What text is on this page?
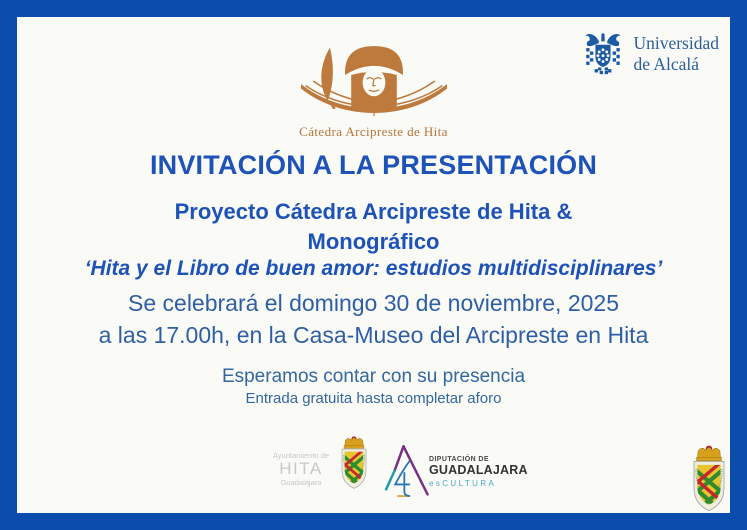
Cátedra Arcipreste de Hita
Universidad
de Alcalá
INVITACIÓN A LA PRESENTACIÓN
Proyecto Cátedra Arcipreste de Hita &
Monográfico
‘Hita y el Libro de buen amor: estudios multidisciplinares’
Se celebrará el domingo 30 de noviembre, 2025
a las 17.00h, en la Casa-Museo del Arcipreste en Hita
Esperamos contar con su presencia
Entrada gratuita hasta completar aforo
Ayuntamiento de
HITA
Guadalajara
DIPUTACIÓN DE
GUADALAJARA
esCULTURA
